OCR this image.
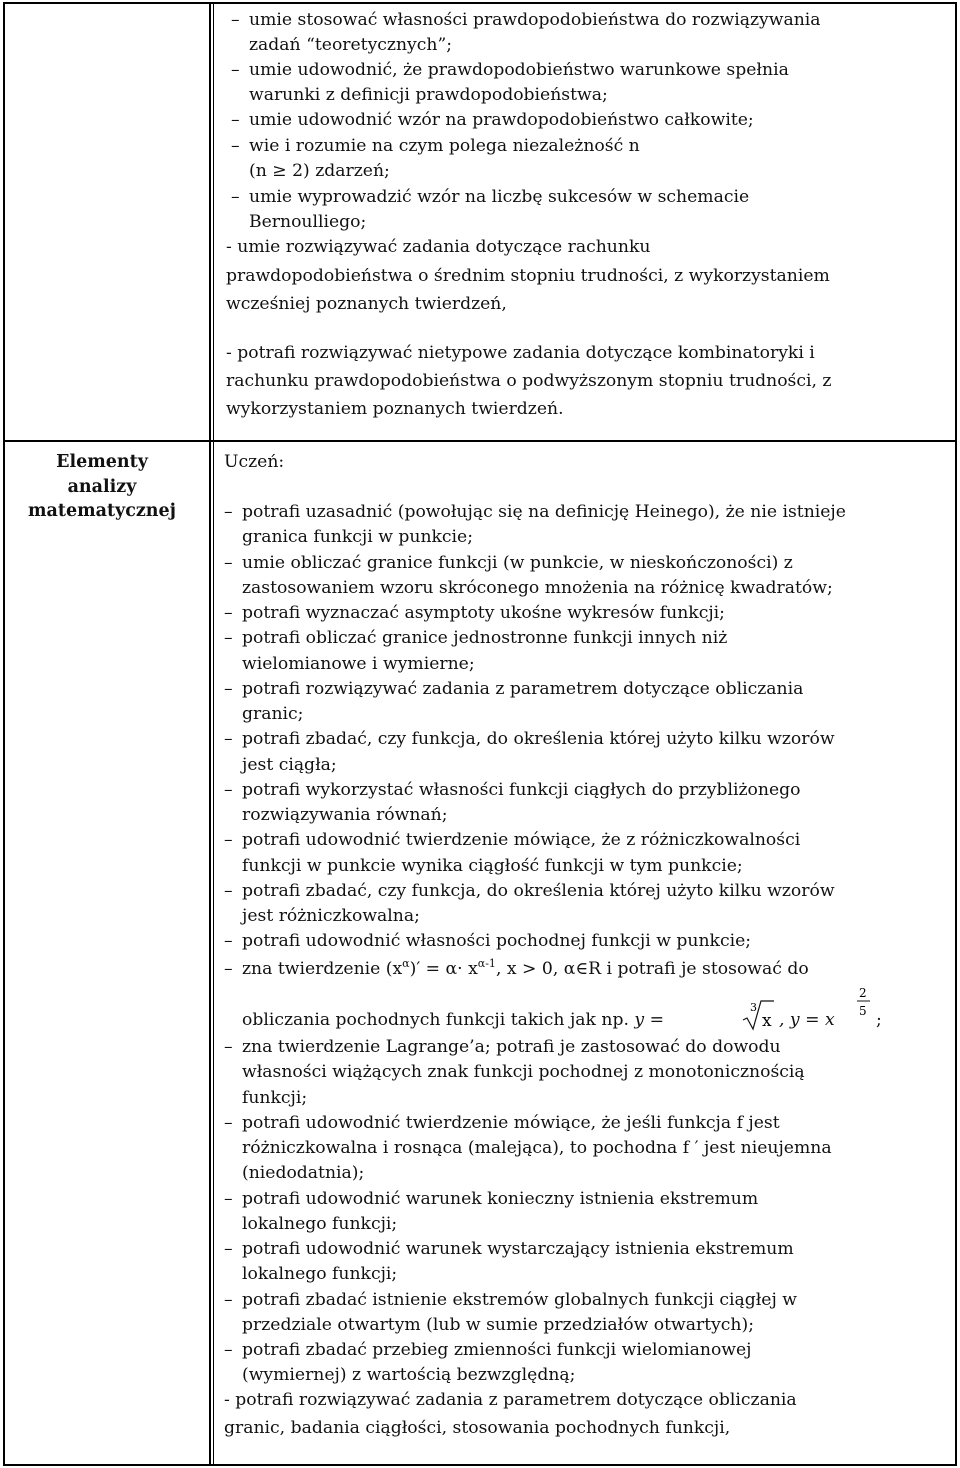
– umie stosować własności prawdopodobieństwa do rozwiązywania
zadań “teoretycznych”;
– umie udowodnić, że prawdopodobieństwo warunkowe spełnia
warunki z definicji prawdopodobieństwa;
– umie udowodnić wzór na prawdopodobieństwo całkowite;
– wie i rozumie na czym polega niezależność n
(n ≥ 2) zdarzeń;
– umie wyprowadzić wzór na liczbę sukcesów w schemacie
Bernoulliego;
- umie rozwiązywać zadania dotyczące rachunku
prawdopodobieństwa o średnim stopniu trudności, z wykorzystaniem
wcześniej poznanych twierdzeń,
- potrafi rozwiązywać nietypowe zadania dotyczące kombinatoryki i
rachunku prawdopodobieństwa o podwyższonym stopniu trudności, z
wykorzystaniem poznanych twierdzeń.
Elementy
analizy
matematycznej
Uczeń:
– potrafi uzasadnić (powołując się na definicję Heinego), że nie istnieje
granica funkcji w punkcie;
– umie obliczać granice funkcji (w punkcie, w nieskończoności) z
zastosowaniem wzoru skróconego mnożenia na różnicę kwadratów;
– potrafi wyznaczać asymptoty ukośne wykresów funkcji;
– potrafi obliczać granice jednostronne funkcji innych niż
wielomianowe i wymierne;
– potrafi rozwiązywać zadania z parametrem dotyczące obliczania
granic;
– potrafi zbadać, czy funkcja, do określenia której użyto kilku wzorów
jest ciągła;
– potrafi wykorzystać własności funkcji ciągłych do przybliżonego
rozwiązywania równań;
– potrafi udowodnić twierdzenie mówiące, że z różniczkowalności
funkcji w punkcie wynika ciągłość funkcji w tym punkcie;
– potrafi zbadać, czy funkcja, do określenia której użyto kilku wzorów
jest różniczkowalna;
– potrafi udowodnić własności pochodnej funkcji w punkcie;
– zna twierdzenie $(x^\alpha)' = \alpha\cdot x^{\alpha-1}$, x > 0, α∈R i potrafi je stosować do
obliczania pochodnych funkcji takich jak np. y =
3
x , y = x
2
5 ;
– zna twierdzenie Lagrange’a; potrafi je zastosować do dowodu
własności wiążących znak funkcji pochodnej z monotonicznością
funkcji;
– potrafi udowodnić twierdzenie mówiące, że jeśli funkcja f jest
różniczkowalna i rosnąca (malejąca), to pochodna f ′ jest nieujemna
(niedodatnia);
– potrafi udowodnić warunek konieczny istnienia ekstremum
lokalnego funkcji;
– potrafi udowodnić warunek wystarczający istnienia ekstremum
lokalnego funkcji;
– potrafi zbadać istnienie ekstremów globalnych funkcji ciągłej w
przedziale otwartym (lub w sumie przedziałów otwartych);
– potrafi zbadać przebieg zmienności funkcji wielomianowej
(wymiernej) z wartością bezwzględną;
- potrafi rozwiązywać zadania z parametrem dotyczące obliczania
granic, badania ciągłości, stosowania pochodnych funkcji,
